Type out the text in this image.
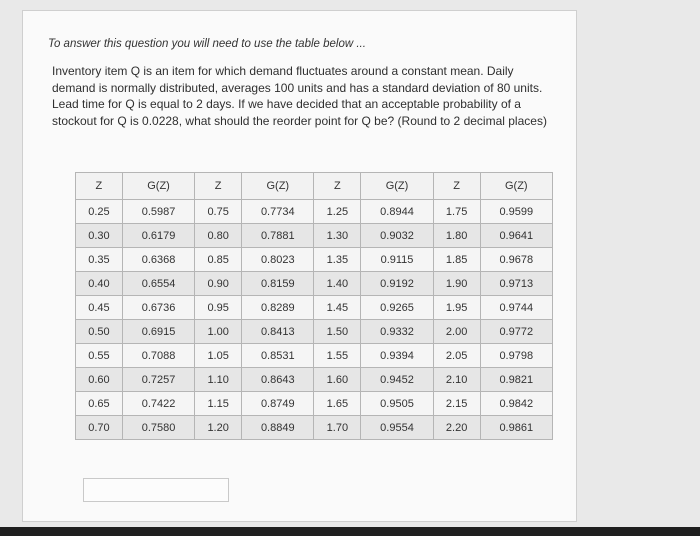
To answer this question you will need to use the table below ...
Inventory item Q is an item for which demand fluctuates around a constant mean. Daily demand is normally distributed, averages 100 units and has a standard deviation of 80 units. Lead time for Q is equal to 2 days. If we have decided that an acceptable probability of a stockout for Q is 0.0228, what should the reorder point for Q be? (Round to 2 decimal places)
Z	G(Z)	Z	G(Z)	Z	G(Z)	Z	G(Z)
0.25	0.5987	0.75	0.7734	1.25	0.8944	1.75	0.9599
0.30	0.6179	0.80	0.7881	1.30	0.9032	1.80	0.9641
0.35	0.6368	0.85	0.8023	1.35	0.9115	1.85	0.9678
0.40	0.6554	0.90	0.8159	1.40	0.9192	1.90	0.9713
0.45	0.6736	0.95	0.8289	1.45	0.9265	1.95	0.9744
0.50	0.6915	1.00	0.8413	1.50	0.9332	2.00	0.9772
0.55	0.7088	1.05	0.8531	1.55	0.9394	2.05	0.9798
0.60	0.7257	1.10	0.8643	1.60	0.9452	2.10	0.9821
0.65	0.7422	1.15	0.8749	1.65	0.9505	2.15	0.9842
0.70	0.7580	1.20	0.8849	1.70	0.9554	2.20	0.9861
